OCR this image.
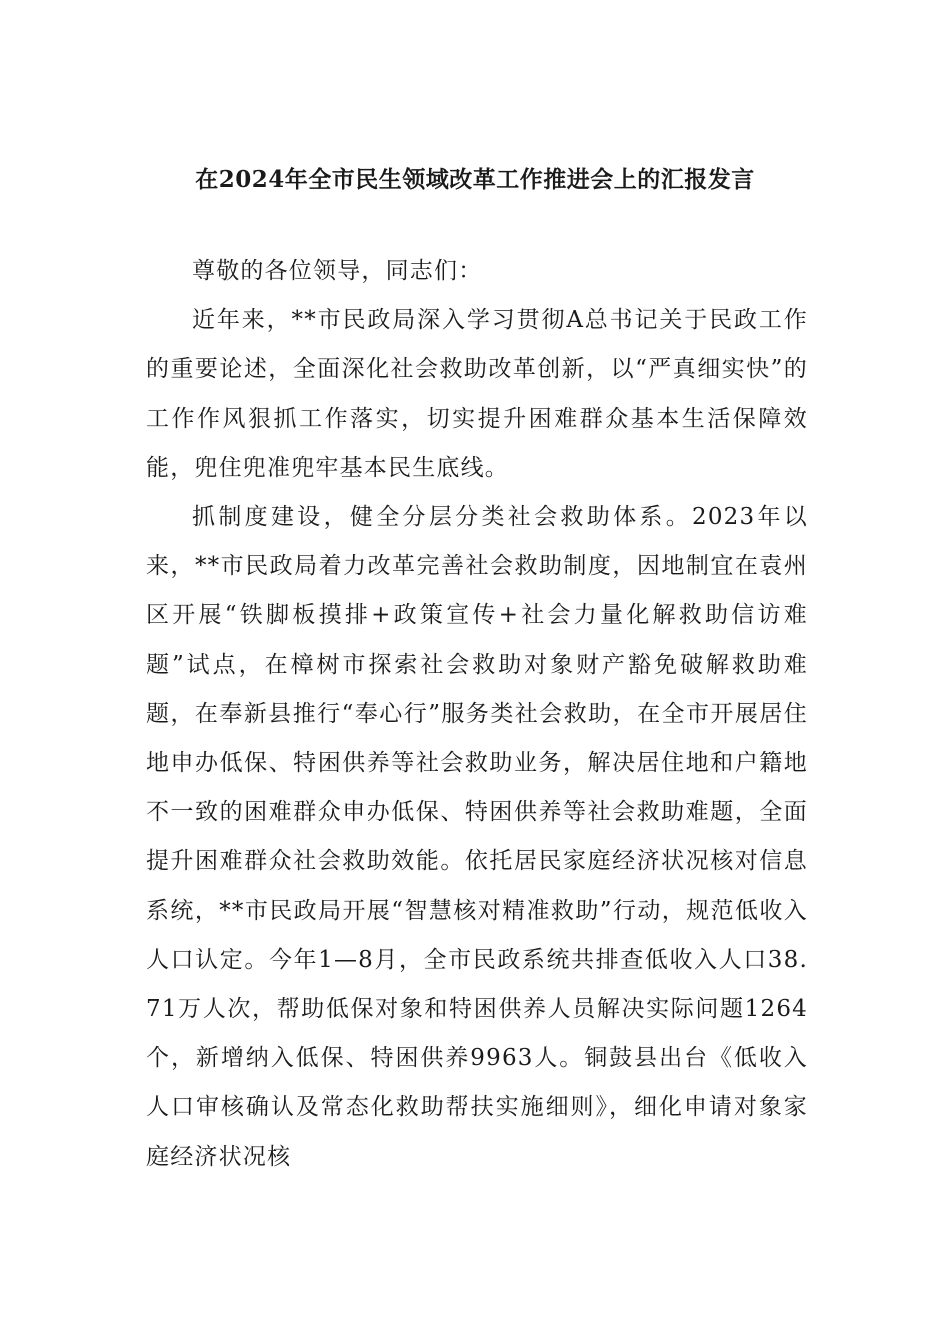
在2024年全市民生领域改革工作推进会上的汇报发言

尊敬的各位领导，同志们：

近年来，**市民政局深入学习贯彻A总书记关于民政工作的重要论述，全面深化社会救助改革创新，以“严真细实快”的工作作风狠抓工作落实，切实提升困难群众基本生活保障效能，兜住兜准兜牢基本民生底线。

抓制度建设，健全分层分类社会救助体系。2023年以来，**市民政局着力改革完善社会救助制度，因地制宜在袁州区开展“铁脚板摸排+政策宣传+社会力量化解救助信访难题”试点，在樟树市探索社会救助对象财产豁免破解救助难题，在奉新县推行“奉心行”服务类社会救助，在全市开展居住地申办低保、特困供养等社会救助业务，解决居住地和户籍地不一致的困难群众申办低保、特困供养等社会救助难题，全面提升困难群众社会救助效能。依托居民家庭经济状况核对信息系统，**市民政局开展“智慧核对精准救助”行动，规范低收入人口认定。今年1—8月，全市民政系统共排查低收入人口38.71万人次，帮助低保对象和特困供养人员解决实际问题1264个，新增纳入低保、特困供养9963人。铜鼓县出台《低收入人口审核确认及常态化救助帮扶实施细则》，细化申请对象家庭经济状况核
